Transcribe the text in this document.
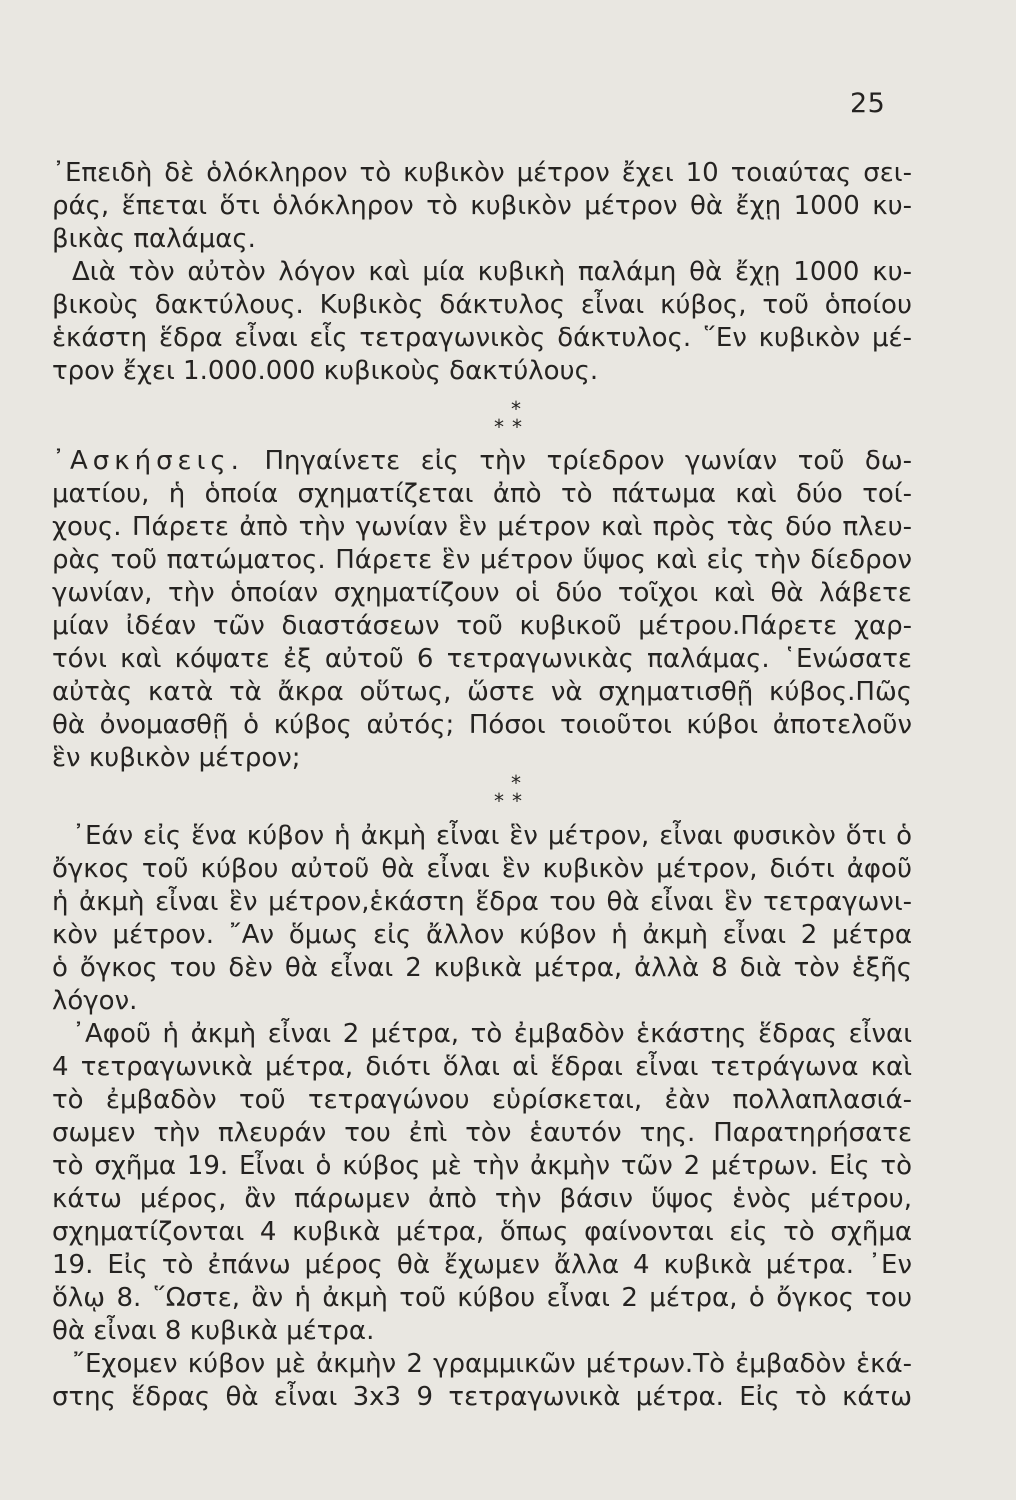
25
᾿Επειδὴ δὲ ὁλόκληρον τὸ κυβικὸν μέτρον ἔχει 10 τοιαύτας σει-
ράς, ἕπεται ὅτι ὁλόκληρον τὸ κυβικὸν μέτρον θὰ ἔχῃ 1000 κυ-
βικὰς παλάμας.
Διὰ τὸν αὐτὸν λόγον καὶ μία κυβικὴ παλάμη θὰ ἔχῃ 1000 κυ-
βικοὺς δακτύλους. Κυβικὸς δάκτυλος εἶναι κύβος, τοῦ ὁποίου
ἑκάστη ἕδρα εἶναι εἷς τετραγωνικὸς δάκτυλος. ῞Εν κυβικὸν μέ-
τρον ἔχει 1.000.000 κυβικοὺς δακτύλους.
*
**
᾿Ασκήσεις. Πηγαίνετε εἰς τὴν τρίεδρον γωνίαν τοῦ δω-
ματίου, ἡ ὁποία σχηματίζεται ἀπὸ τὸ πάτωμα καὶ δύο τοί-
χους. Πάρετε ἀπὸ τὴν γωνίαν ἓν μέτρον καὶ πρὸς τὰς δύο πλευ-
ρὰς τοῦ πατώματος. Πάρετε ἓν μέτρον ὕψος καὶ εἰς τὴν δίεδρον
γωνίαν, τὴν ὁποίαν σχηματίζουν οἱ δύο τοῖχοι καὶ θὰ λάβετε
μίαν ἰδέαν τῶν διαστάσεων τοῦ κυβικοῦ μέτρου.Πάρετε χαρ-
τόνι καὶ κόψατε ἐξ αὐτοῦ 6 τετραγωνικὰς παλάμας. ῾Ενώσατε
αὐτὰς κατὰ τὰ ἄκρα οὕτως, ὥστε νὰ σχηματισθῇ κύβος.Πῶς
θὰ ὀνομασθῇ ὁ κύβος αὐτός; Πόσοι τοιοῦτοι κύβοι ἀποτελοῦν
ἓν κυβικὸν μέτρον;
*
**
᾿Εάν εἰς ἕνα κύβον ἡ ἀκμὴ εἶναι ἓν μέτρον, εἶναι φυσικὸν ὅτι ὁ
ὄγκος τοῦ κύβου αὐτοῦ θὰ εἶναι ἓν κυβικὸν μέτρον, διότι ἀφοῦ
ἡ ἀκμὴ εἶναι ἓν μέτρον,ἑκάστη ἕδρα του θὰ εἶναι ἓν τετραγωνι-
κὸν μέτρον. ῎Αν ὅμως εἰς ἄλλον κύβον ἡ ἀκμὴ εἶναι 2 μέτρα
ὁ ὄγκος του δὲν θὰ εἶναι 2 κυβικὰ μέτρα, ἀλλὰ 8 διὰ τὸν ἑξῆς
λόγον.
᾿Αφοῦ ἡ ἀκμὴ εἶναι 2 μέτρα, τὸ ἐμβαδὸν ἑκάστης ἕδρας εἶναι
4 τετραγωνικὰ μέτρα, διότι ὅλαι αἱ ἕδραι εἶναι τετράγωνα καὶ
τὸ ἐμβαδὸν τοῦ τετραγώνου εὑρίσκεται, ἐὰν πολλαπλασιά-
σωμεν τὴν πλευράν του ἐπὶ τὸν ἑαυτόν της. Παρατηρήσατε
τὸ σχῆμα 19. Εἶναι ὁ κύβος μὲ τὴν ἀκμὴν τῶν 2 μέτρων. Εἰς τὸ
κάτω μέρος, ἂν πάρωμεν ἀπὸ τὴν βάσιν ὕψος ἑνὸς μέτρου,
σχηματίζονται 4 κυβικὰ μέτρα, ὅπως φαίνονται εἰς τὸ σχῆμα
19. Εἰς τὸ ἐπάνω μέρος θὰ ἔχωμεν ἄλλα 4 κυβικὰ μέτρα. ᾿Εν
ὅλῳ 8. ῞Ωστε, ἂν ἡ ἀκμὴ τοῦ κύβου εἶναι 2 μέτρα, ὁ ὄγκος του
θὰ εἶναι 8 κυβικὰ μέτρα.
῎Εχομεν κύβον μὲ ἀκμὴν 2 γραμμικῶν μέτρων.Τὸ ἐμβαδὸν ἑκά-
στης ἕδρας θὰ εἶναι 3x3 9 τετραγωνικὰ μέτρα. Εἰς τὸ κάτω
